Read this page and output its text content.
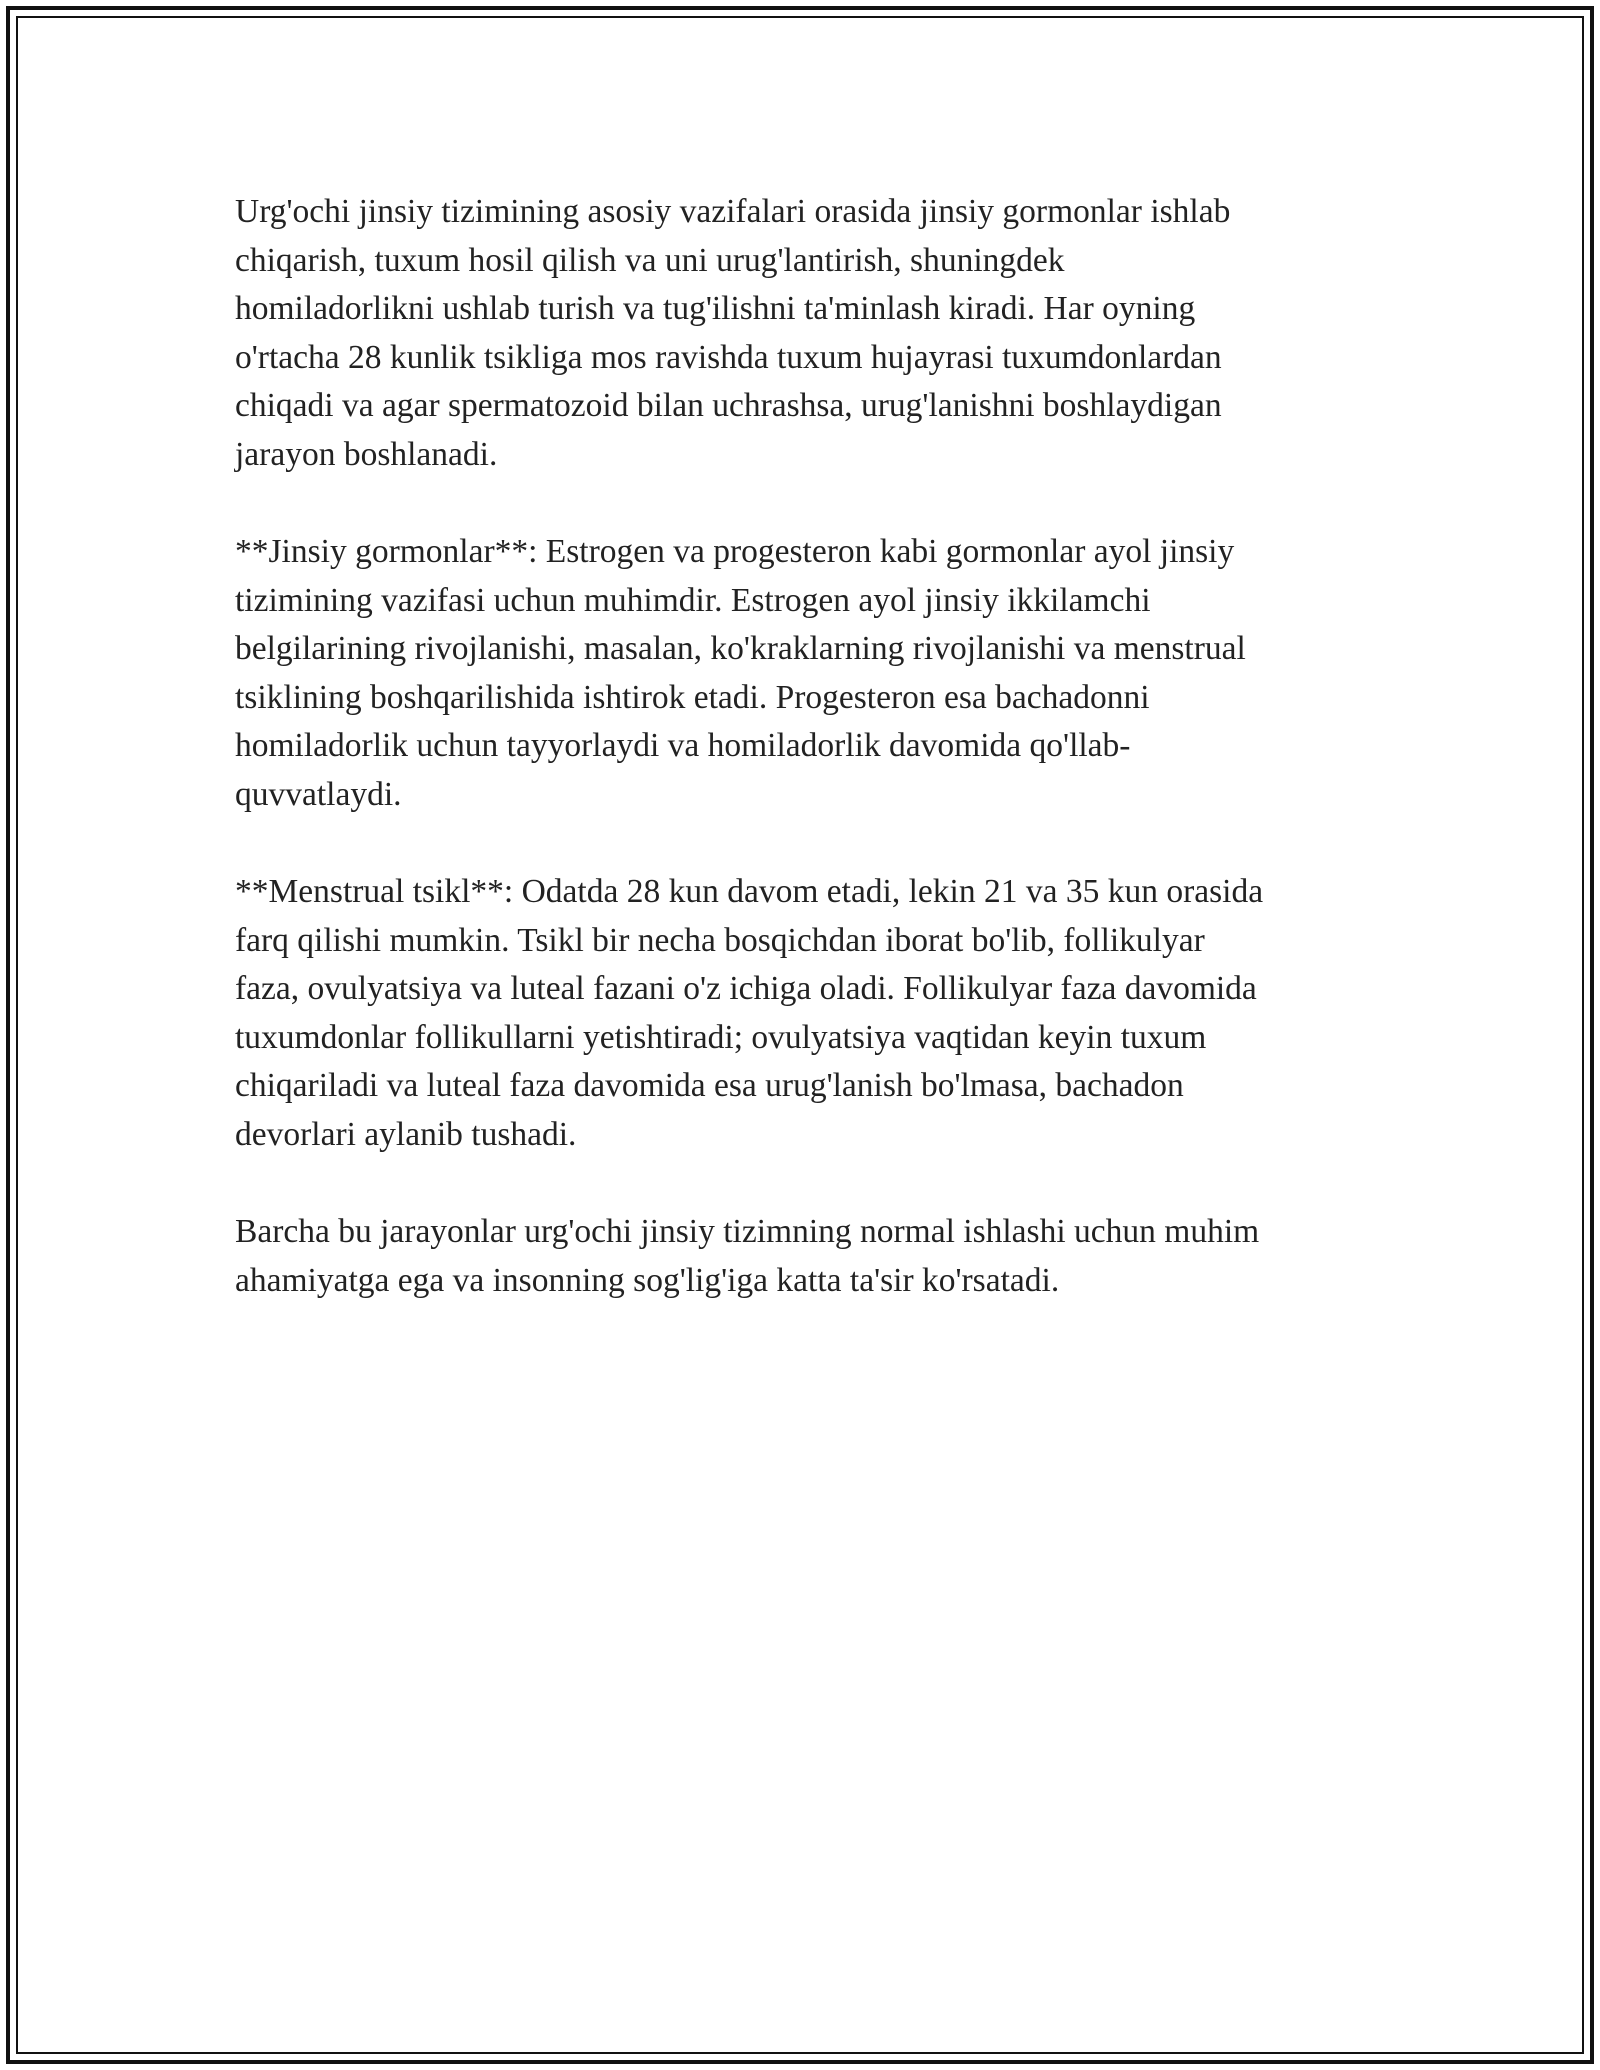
Urg'ochi jinsiy tizimining asosiy vazifalari orasida jinsiy gormonlar ishlab
chiqarish, tuxum hosil qilish va uni urug'lantirish, shuningdek
homiladorlikni ushlab turish va tug'ilishni ta'minlash kiradi. Har oyning
o'rtacha 28 kunlik tsikliga mos ravishda tuxum hujayrasi tuxumdonlardan
chiqadi va agar spermatozoid bilan uchrashsa, urug'lanishni boshlaydigan
jarayon boshlanadi.

**Jinsiy gormonlar**: Estrogen va progesteron kabi gormonlar ayol jinsiy
tizimining vazifasi uchun muhimdir. Estrogen ayol jinsiy ikkilamchi
belgilarining rivojlanishi, masalan, ko'kraklarning rivojlanishi va menstrual
tsiklining boshqarilishida ishtirok etadi. Progesteron esa bachadonni
homiladorlik uchun tayyorlaydi va homiladorlik davomida qo'llab-
quvvatlaydi.

**Menstrual tsikl**: Odatda 28 kun davom etadi, lekin 21 va 35 kun orasida
farq qilishi mumkin. Tsikl bir necha bosqichdan iborat bo'lib, follikulyar
faza, ovulyatsiya va luteal fazani o'z ichiga oladi. Follikulyar faza davomida
tuxumdonlar follikullarni yetishtiradi; ovulyatsiya vaqtidan keyin tuxum
chiqariladi va luteal faza davomida esa urug'lanish bo'lmasa, bachadon
devorlari aylanib tushadi.

Barcha bu jarayonlar urg'ochi jinsiy tizimning normal ishlashi uchun muhim
ahamiyatga ega va insonning sog'lig'iga katta ta'sir ko'rsatadi.
